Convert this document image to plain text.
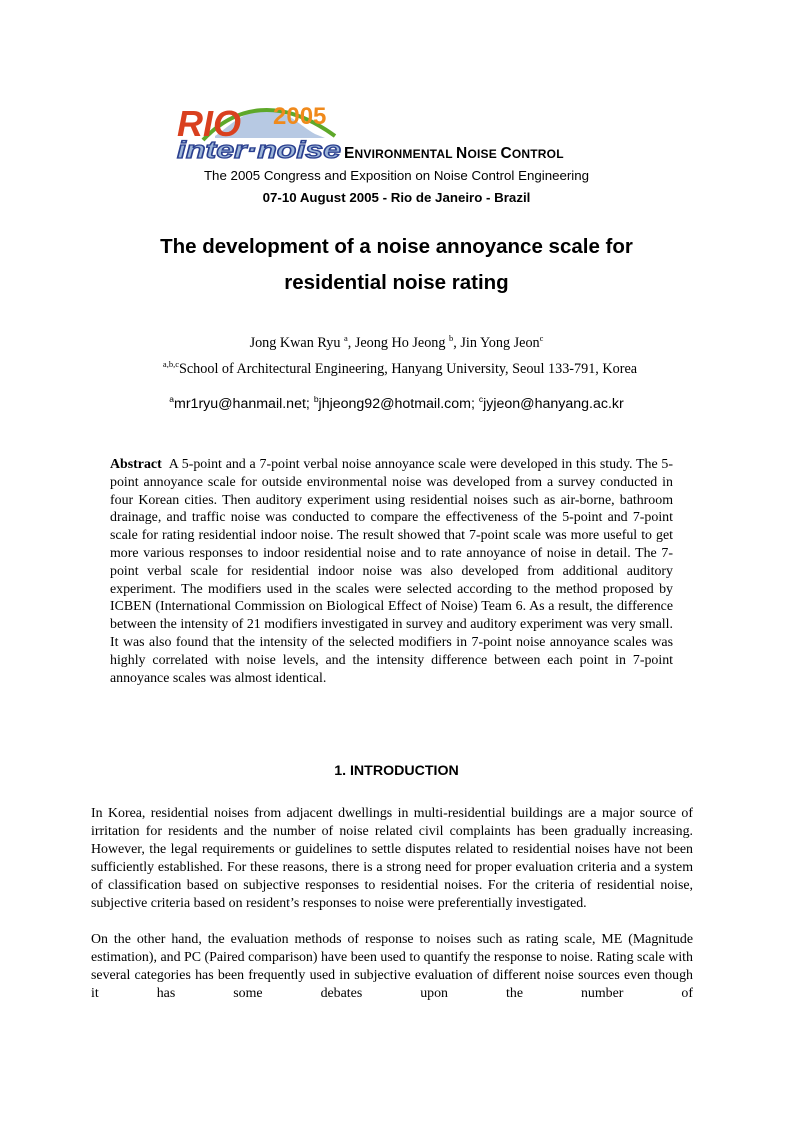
RIO 2005
inter·noise ENVIRONMENTAL NOISE CONTROL
The 2005 Congress and Exposition on Noise Control Engineering
07-10 August 2005 - Rio de Janeiro - Brazil
The development of a noise annoyance scale for
residential noise rating
Jong Kwan Ryu $^a$, Jeong Ho Jeong $^b$, Jin Yong Jeon$^c$
$^{a,b,c}$School of Architectural Engineering, Hanyang University, Seoul 133-791, Korea
$^a$mr1ryu@hanmail.net; $^b$jhjeong92@hotmail.com; $^c$jyjeon@hanyang.ac.kr
Abstract A 5-point and a 7-point verbal noise annoyance scale were developed in this study. The 5-point annoyance scale for outside environmental noise was developed from a survey conducted in four Korean cities. Then auditory experiment using residential noises such as air-borne, bathroom drainage, and traffic noise was conducted to compare the effectiveness of the 5-point and 7-point scale for rating residential indoor noise. The result showed that 7-point scale was more useful to get more various responses to indoor residential noise and to rate annoyance of noise in detail. The 7-point verbal scale for residential indoor noise was also developed from additional auditory experiment. The modifiers used in the scales were selected according to the method proposed by ICBEN (International Commission on Biological Effect of Noise) Team 6. As a result, the difference between the intensity of 21 modifiers investigated in survey and auditory experiment was very small. It was also found that the intensity of the selected modifiers in 7-point noise annoyance scales was highly correlated with noise levels, and the intensity difference between each point in 7-point annoyance scales was almost identical.
1. INTRODUCTION

In Korea, residential noises from adjacent dwellings in multi-residential buildings are a major source of irritation for residents and the number of noise related civil complaints has been gradually increasing. However, the legal requirements or guidelines to settle disputes related to residential noises have not been sufficiently established. For these reasons, there is a strong need for proper evaluation criteria and a system of classification based on subjective responses to residential noises. For the criteria of residential noise, subjective criteria based on resident’s responses to noise were preferentially investigated.

On the other hand, the evaluation methods of response to noises such as rating scale, ME (Magnitude estimation), and PC (Paired comparison) have been used to quantify the response to noise. Rating scale with several categories has been frequently used in subjective evaluation of different noise sources even though it has some debates upon the number of
